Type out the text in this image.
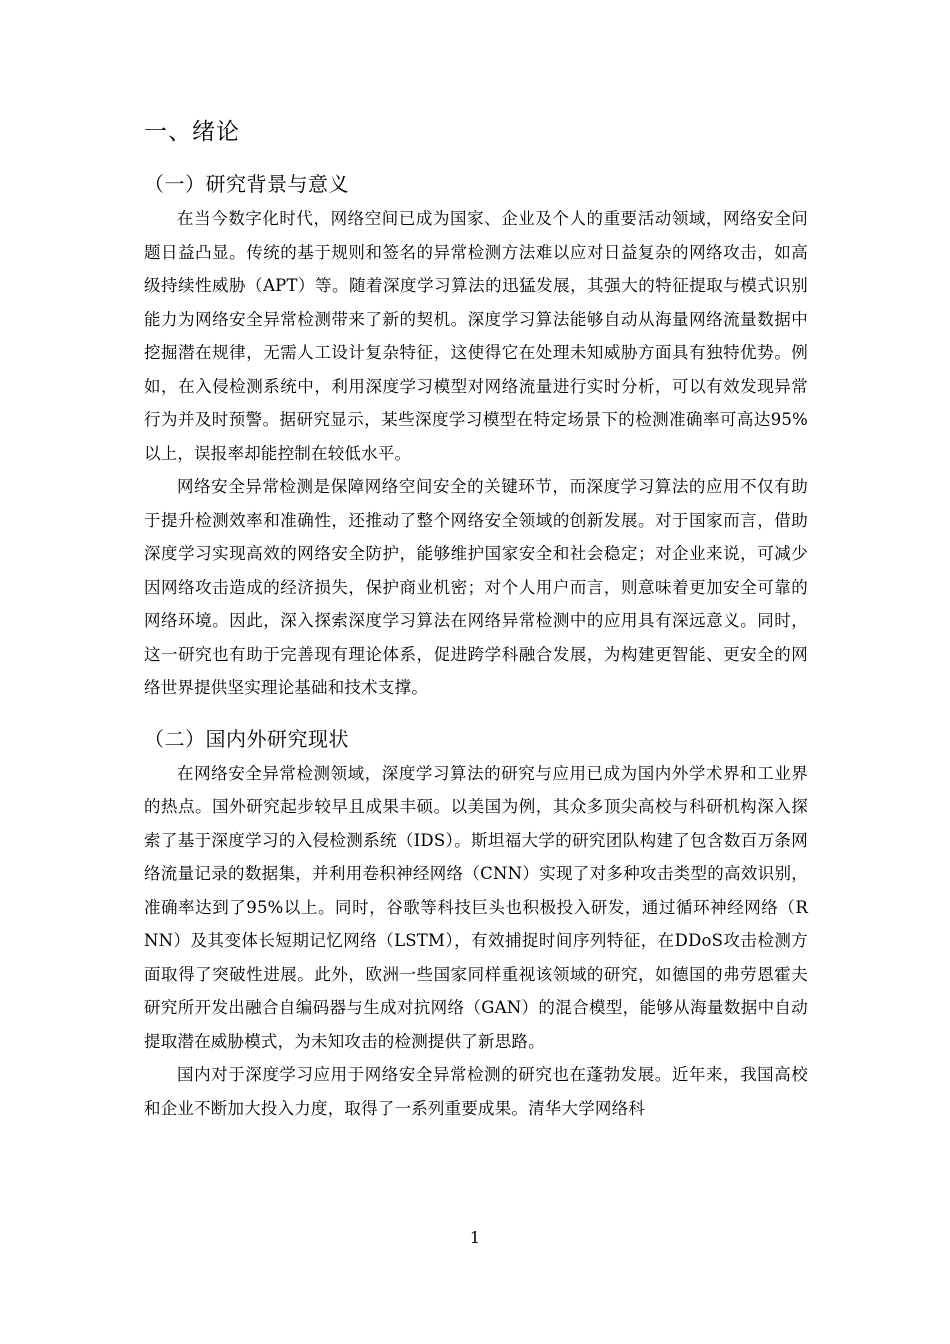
一、绪论
（一）研究背景与意义

在当今数字化时代，网络空间已成为国家、企业及个人的重要活动领域，网络安全问题日益凸显。传统的基于规则和签名的异常检测方法难以应对日益复杂的网络攻击，如高级持续性威胁（APT）等。随着深度学习算法的迅猛发展，其强大的特征提取与模式识别能力为网络安全异常检测带来了新的契机。深度学习算法能够自动从海量网络流量数据中挖掘潜在规律，无需人工设计复杂特征，这使得它在处理未知威胁方面具有独特优势。例如，在入侵检测系统中，利用深度学习模型对网络流量进行实时分析，可以有效发现异常行为并及时预警。据研究显示，某些深度学习模型在特定场景下的检测准确率可高达95%以上，误报率却能控制在较低水平。

网络安全异常检测是保障网络空间安全的关键环节，而深度学习算法的应用不仅有助于提升检测效率和准确性，还推动了整个网络安全领域的创新发展。对于国家而言，借助深度学习实现高效的网络安全防护，能够维护国家安全和社会稳定；对企业来说，可减少因网络攻击造成的经济损失，保护商业机密；对个人用户而言，则意味着更加安全可靠的网络环境。因此，深入探索深度学习算法在网络异常检测中的应用具有深远意义。同时，这一研究也有助于完善现有理论体系，促进跨学科融合发展，为构建更智能、更安全的网络世界提供坚实理论基础和技术支撑。

（二）国内外研究现状

在网络安全异常检测领域，深度学习算法的研究与应用已成为国内外学术界和工业界的热点。国外研究起步较早且成果丰硕。以美国为例，其众多顶尖高校与科研机构深入探索了基于深度学习的入侵检测系统（IDS）。斯坦福大学的研究团队构建了包含数百万条网络流量记录的数据集，并利用卷积神经网络（CNN）实现了对多种攻击类型的高效识别，准确率达到了95%以上。同时，谷歌等科技巨头也积极投入研发，通过循环神经网络（RNN）及其变体长短期记忆网络（LSTM），有效捕捉时间序列特征，在DDoS攻击检测方面取得了突破性进展。此外，欧洲一些国家同样重视该领域的研究，如德国的弗劳恩霍夫研究所开发出融合自编码器与生成对抗网络（GAN）的混合模型，能够从海量数据中自动提取潜在威胁模式，为未知攻击的检测提供了新思路。

国内对于深度学习应用于网络安全异常检测的研究也在蓬勃发展。近年来，我国高校和企业不断加大投入力度，取得了一系列重要成果。清华大学网络科

1
